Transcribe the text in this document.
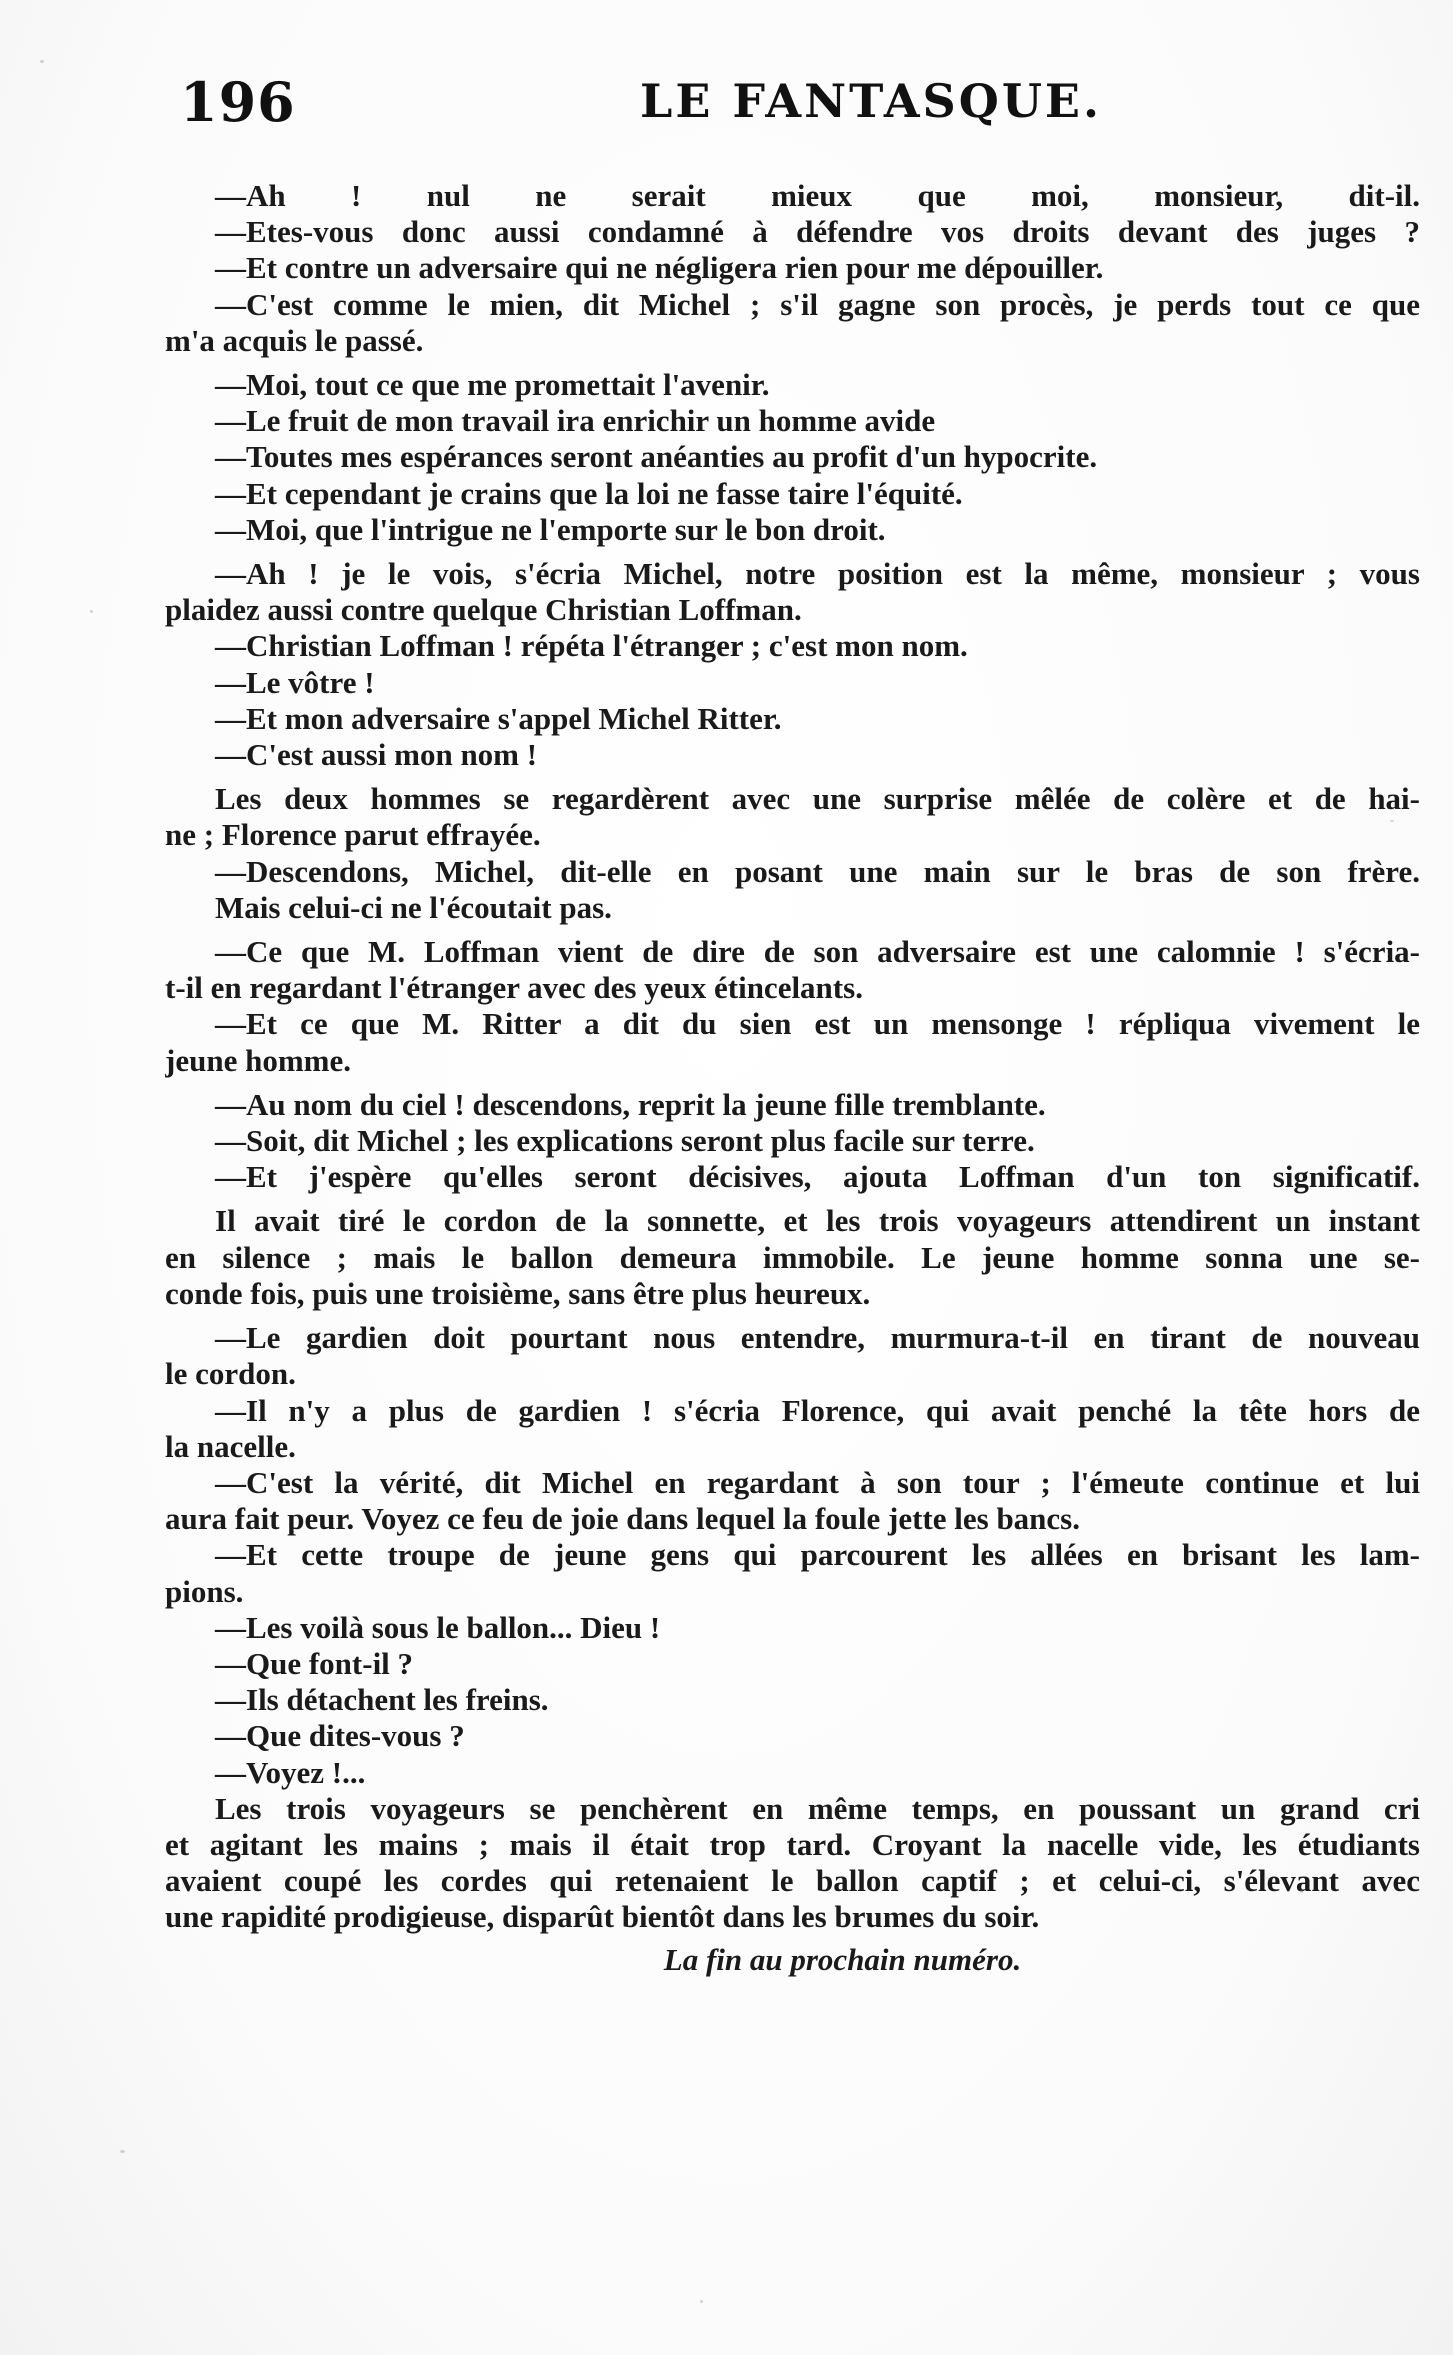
196	LE FANTASQUE.
—Ah ! nul ne serait mieux que moi, monsieur, dit-il.
—Etes-vous donc aussi condamné à défendre vos droits devant des juges ?
—Et contre un adversaire qui ne négligera rien pour me dépouiller.
—C'est comme le mien, dit Michel ; s'il gagne son procès, je perds tout ce que
m'a acquis le passé.
—Moi, tout ce que me promettait l'avenir.
—Le fruit de mon travail ira enrichir un homme avide
—Toutes mes espérances seront anéanties au profit d'un hypocrite.
—Et cependant je crains que la loi ne fasse taire l'équité.
—Moi, que l'intrigue ne l'emporte sur le bon droit.
—Ah ! je le vois, s'écria Michel, notre position est la même, monsieur ; vous
plaidez aussi contre quelque Christian Loffman.
—Christian Loffman ! répéta l'étranger ; c'est mon nom.
—Le vôtre !
—Et mon adversaire s'appel Michel Ritter.
—C'est aussi mon nom !
Les deux hommes se regardèrent avec une surprise mêlée de colère et de hai-
ne ; Florence parut effrayée.
—Descendons, Michel, dit-elle en posant une main sur le bras de son frère.
Mais celui-ci ne l'écoutait pas.
—Ce que M. Loffman vient de dire de son adversaire est une calomnie ! s'écria-
t-il en regardant l'étranger avec des yeux étincelants.
—Et ce que M. Ritter a dit du sien est un mensonge ! répliqua vivement le
jeune homme.
—Au nom du ciel ! descendons, reprit la jeune fille tremblante.
—Soit, dit Michel ; les explications seront plus facile sur terre.
—Et j'espère qu'elles seront décisives, ajouta Loffman d'un ton significatif.
Il avait tiré le cordon de la sonnette, et les trois voyageurs attendirent un instant
en silence ; mais le ballon demeura immobile. Le jeune homme sonna une se-
conde fois, puis une troisième, sans être plus heureux.
—Le gardien doit pourtant nous entendre, murmura-t-il en tirant de nouveau
le cordon.
—Il n'y a plus de gardien ! s'écria Florence, qui avait penché la tête hors de
la nacelle.
—C'est la vérité, dit Michel en regardant à son tour ; l'émeute continue et lui
aura fait peur. Voyez ce feu de joie dans lequel la foule jette les bancs.
—Et cette troupe de jeune gens qui parcourent les allées en brisant les lam-
pions.
—Les voilà sous le ballon... Dieu !
—Que font-il ?
—Ils détachent les freins.
—Que dites-vous ?
—Voyez !...
Les trois voyageurs se penchèrent en même temps, en poussant un grand cri
et agitant les mains ; mais il était trop tard. Croyant la nacelle vide, les étudiants
avaient coupé les cordes qui retenaient le ballon captif ; et celui-ci, s'élevant avec
une rapidité prodigieuse, disparût bientôt dans les brumes du soir.
La fin au prochain numéro.
